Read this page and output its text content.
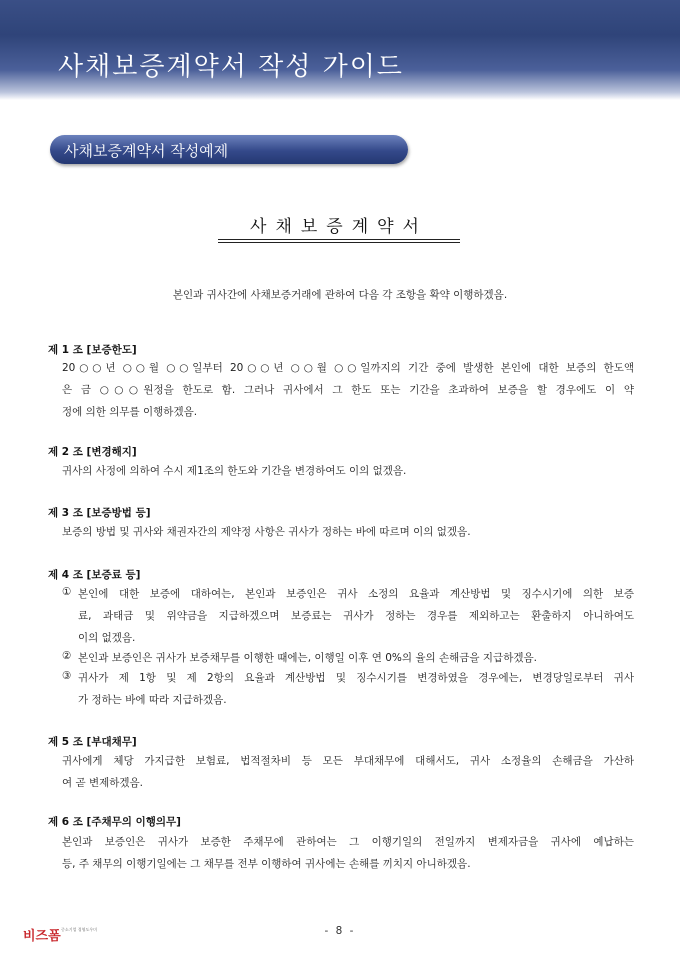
사채보증계약서 작성 가이드
사채보증계약서 작성예제
사채보증계약서
본인과 귀사간에 사채보증거래에 관하여 다음 각 조항을 확약 이행하겠음.
제 1 조 [보증한도]
20○○년 ○○월 ○○일부터 20○○년 ○○월 ○○일까지의 기간 중에 발생한 본인에 대한 보증의 한도액
은 금 ○○○원정을 한도로 함. 그러나 귀사에서 그 한도 또는 기간을 초과하여 보증을 할 경우에도 이 약
정에 의한 의무를 이행하겠음.
제 2 조 [변경해지]
귀사의 사정에 의하여 수시 제1조의 한도와 기간을 변경하여도 이의 없겠음.
제 3 조 [보증방법 등]
보증의 방법 및 귀사와 채권자간의 제약정 사항은 귀사가 정하는 바에 따르며 이의 없겠음.
제 4 조 [보증료 등]
① 본인에 대한 보증에 대하여는, 본인과 보증인은 귀사 소정의 요율과 계산방법 및 징수시기에 의한 보증
료, 과태금 및 위약금을 지급하겠으며 보증료는 귀사가 정하는 경우를 제외하고는 환출하지 아니하여도
이의 없겠음.
② 본인과 보증인은 귀사가 보증채무를 이행한 때에는, 이행일 이후 연 0%의 율의 손해금을 지급하겠음.
③ 귀사가 제 1항 및 제 2항의 요율과 계산방법 및 징수시기를 변경하였을 경우에는, 변경당일로부터 귀사
가 정하는 바에 따라 지급하겠음.
제 5 조 [부대채무]
귀사에게 체당 가지급한 보험료, 법적절차비 등 모든 부대채무에 대해서도, 귀사 소정율의 손해금을 가산하
여 곧 변제하겠음.
제 6 조 [주채무의 이행의무]
본인과 보증인은 귀사가 보증한 주채무에 관하여는 그 이행기일의 전일까지 변제자금을 귀사에 예납하는
등, 주 채무의 이행기일에는 그 채무를 전부 이행하여 귀사에는 손해를 끼치지 아니하겠음.
비즈폼 중소기업 경영도우미	- 8 -
